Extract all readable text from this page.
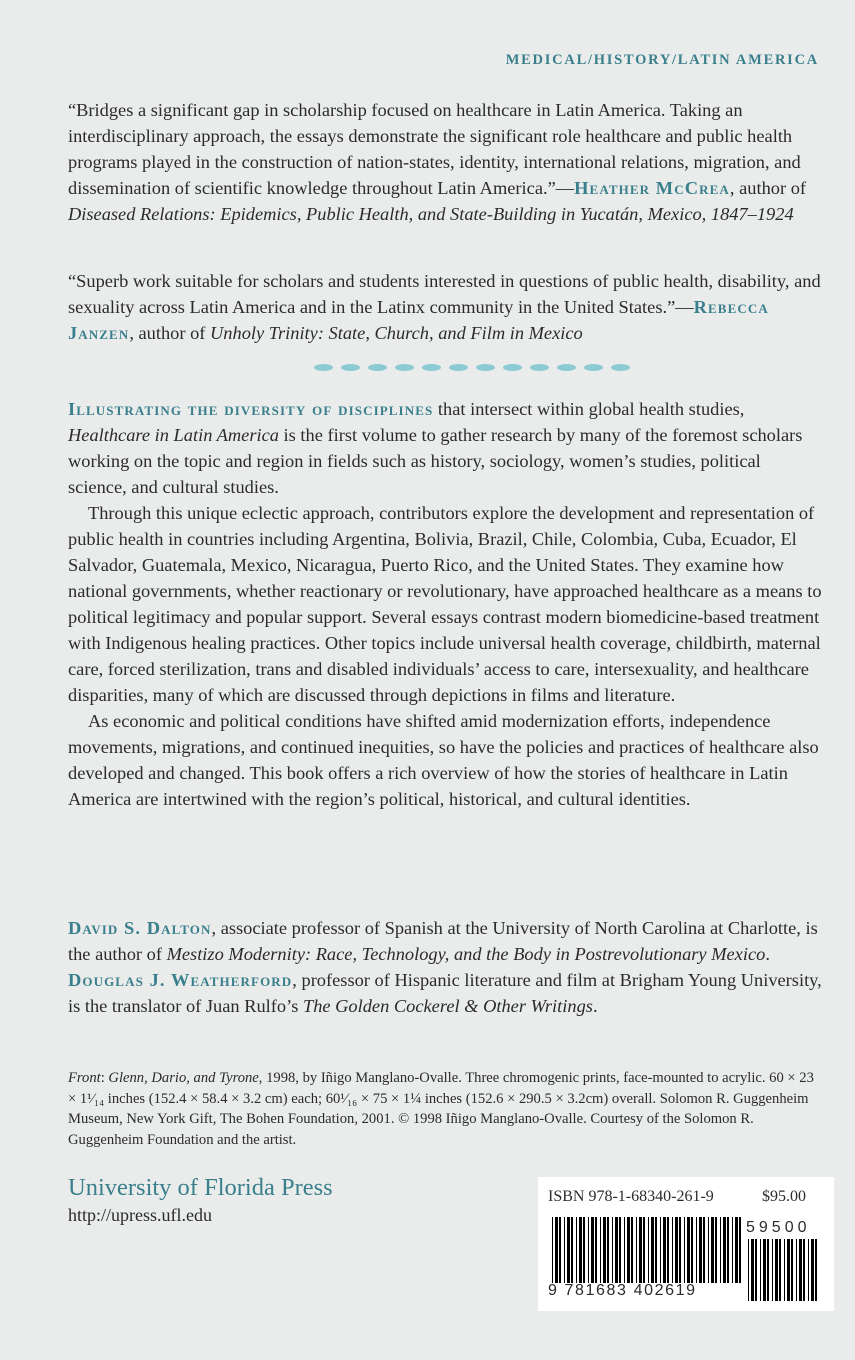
MEDICAL/HISTORY/LATIN AMERICA

“Bridges a significant gap in scholarship focused on healthcare in Latin America. Taking an interdisciplinary approach, the essays demonstrate the significant role healthcare and public health programs played in the construction of nation-states, identity, international relations, migration, and dissemination of scientific knowledge throughout Latin America.”—Heather McCrea, author of Diseased Relations: Epidemics, Public Health, and State-Building in Yucatán, Mexico, 1847–1924

“Superb work suitable for scholars and students interested in questions of public health, disability, and sexuality across Latin America and in the Latinx community in the United States.”—Rebecca Janzen, author of Unholy Trinity: State, Church, and Film in Mexico

Illustrating the diversity of disciplines that intersect within global health studies, Healthcare in Latin America is the first volume to gather research by many of the foremost scholars working on the topic and region in fields such as history, sociology, women’s studies, political science, and cultural studies.

Through this unique eclectic approach, contributors explore the development and representation of public health in countries including Argentina, Bolivia, Brazil, Chile, Colombia, Cuba, Ecuador, El Salvador, Guatemala, Mexico, Nicaragua, Puerto Rico, and the United States. They examine how national governments, whether reactionary or revolutionary, have approached healthcare as a means to political legitimacy and popular support. Several essays contrast modern biomedicine-based treatment with Indigenous healing practices. Other topics include universal health coverage, childbirth, maternal care, forced sterilization, trans and disabled individuals’ access to care, intersexuality, and healthcare disparities, many of which are discussed through depictions in films and literature.

As economic and political conditions have shifted amid modernization efforts, independence movements, migrations, and continued inequities, so have the policies and practices of healthcare also developed and changed. This book offers a rich overview of how the stories of healthcare in Latin America are intertwined with the region’s political, historical, and cultural identities.

David S. Dalton, associate professor of Spanish at the University of North Carolina at Charlotte, is the author of Mestizo Modernity: Race, Technology, and the Body in Postrevolutionary Mexico. Douglas J. Weatherford, professor of Hispanic literature and film at Brigham Young University, is the translator of Juan Rulfo’s The Golden Cockerel & Other Writings.

Front: Glenn, Dario, and Tyrone, 1998, by Iñigo Manglano-Ovalle. Three chromogenic prints, face-mounted to acrylic. 60 × 23 × 1¹⁄₁₄ inches (152.4 × 58.4 × 3.2 cm) each; 60¹⁄₁₆ × 75 × 1¼ inches (152.6 × 290.5 × 3.2cm) overall. Solomon R. Guggenheim Museum, New York Gift, The Bohen Foundation, 2001. © 1998 Iñigo Manglano-Ovalle. Courtesy of the Solomon R. Guggenheim Foundation and the artist.
University of Florida Press
http://upress.ufl.edu
ISBN 978-1-68340-261-9	$95.00
59500
9 781683 402619
